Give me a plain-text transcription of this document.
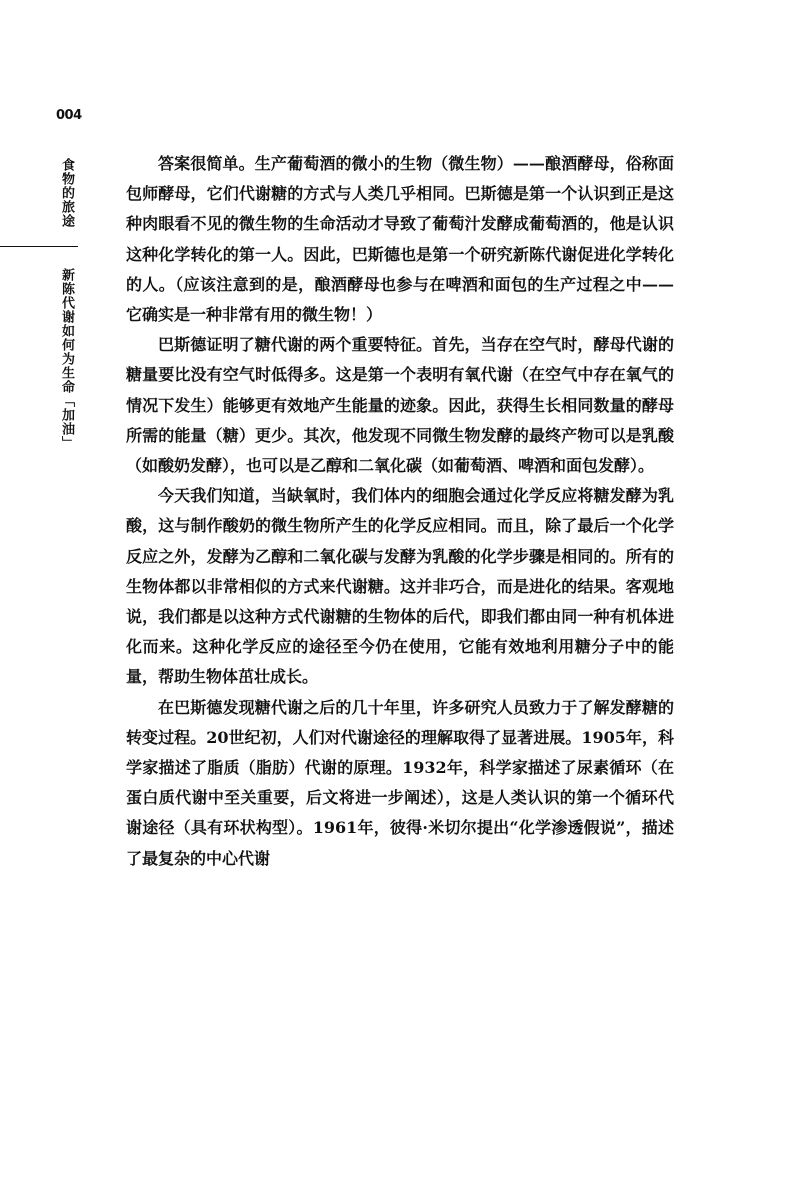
004
食物的旅途
新陈代谢如何为生命「加油」

答案很简单。生产葡萄酒的微小的生物（微生物）——酿酒酵母，俗称面包师酵母，它们代谢糖的方式与人类几乎相同。巴斯德是第一个认识到正是这种肉眼看不见的微生物的生命活动才导致了葡萄汁发酵成葡萄酒的，他是认识这种化学转化的第一人。因此，巴斯德也是第一个研究新陈代谢促进化学转化的人。（应该注意到的是，酿酒酵母也参与在啤酒和面包的生产过程之中——它确实是一种非常有用的微生物！）

巴斯德证明了糖代谢的两个重要特征。首先，当存在空气时，酵母代谢的糖量要比没有空气时低得多。这是第一个表明有氧代谢（在空气中存在氧气的情况下发生）能够更有效地产生能量的迹象。因此，获得生长相同数量的酵母所需的能量（糖）更少。其次，他发现不同微生物发酵的最终产物可以是乳酸（如酸奶发酵），也可以是乙醇和二氧化碳（如葡萄酒、啤酒和面包发酵）。

今天我们知道，当缺氧时，我们体内的细胞会通过化学反应将糖发酵为乳酸，这与制作酸奶的微生物所产生的化学反应相同。而且，除了最后一个化学反应之外，发酵为乙醇和二氧化碳与发酵为乳酸的化学步骤是相同的。所有的生物体都以非常相似的方式来代谢糖。这并非巧合，而是进化的结果。客观地说，我们都是以这种方式代谢糖的生物体的后代，即我们都由同一种有机体进化而来。这种化学反应的途径至今仍在使用，它能有效地利用糖分子中的能量，帮助生物体茁壮成长。

在巴斯德发现糖代谢之后的几十年里，许多研究人员致力于了解发酵糖的转变过程。20世纪初，人们对代谢途径的理解取得了显著进展。1905年，科学家描述了脂质（脂肪）代谢的原理。1932年，科学家描述了尿素循环（在蛋白质代谢中至关重要，后文将进一步阐述），这是人类认识的第一个循环代谢途径（具有环状构型）。1961年，彼得·米切尔提出“化学渗透假说”，描述了最复杂的中心代谢
